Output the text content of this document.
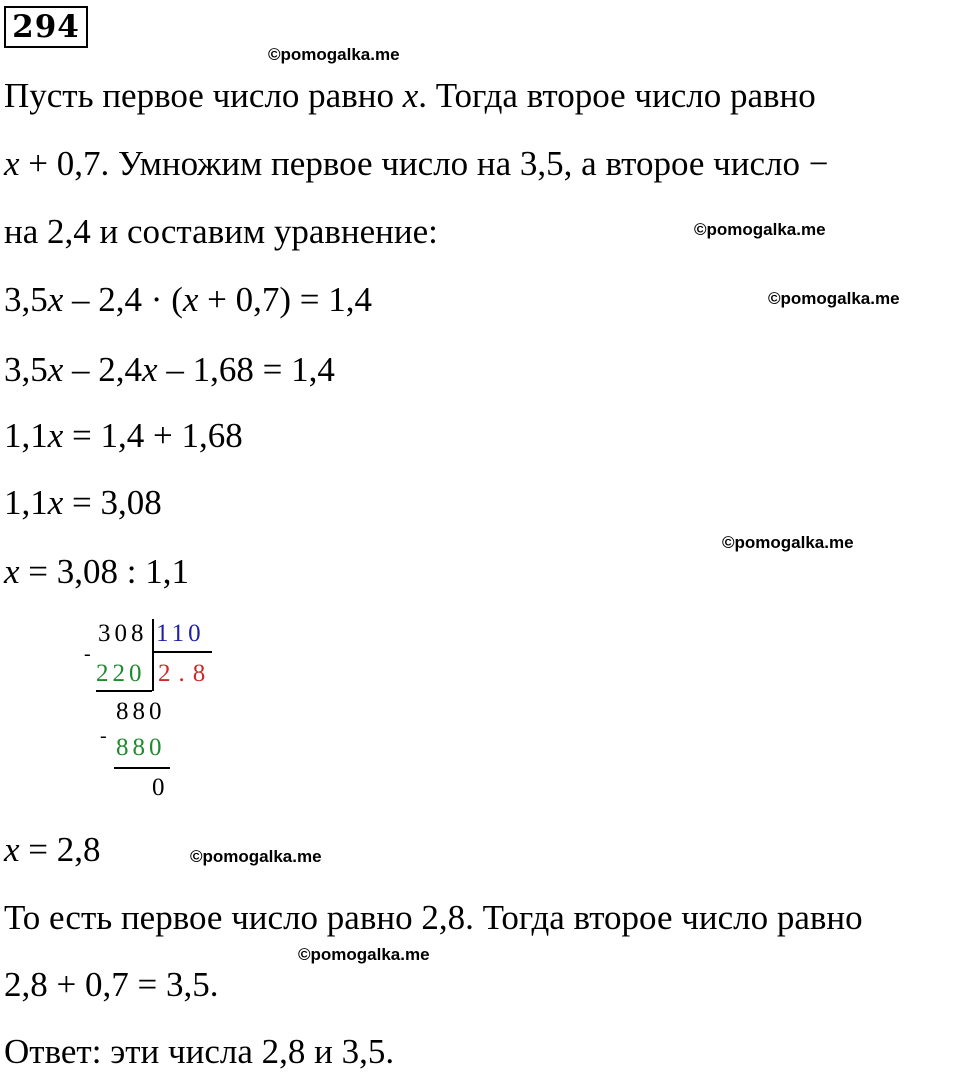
294
©pomogalka.me
Пусть первое число равно x. Тогда второе число равно
x + 0,7. Умножим первое число на 3,5, а второе число −
на 2,4 и составим уравнение:	©pomogalka.me
3,5x – 2,4 · (x + 0,7) = 1,4	©pomogalka.me
3,5x – 2,4x – 1,68 = 1,4
1,1x = 1,4 + 1,68
1,1x = 3,08
©pomogalka.me
x = 3,08 : 1,1
308 110
-
220 2.8
880
- 880
0
x = 2,8	©pomogalka.me
То есть первое число равно 2,8. Тогда второе число равно
©pomogalka.me
2,8 + 0,7 = 3,5.
Ответ: эти числа 2,8 и 3,5.
